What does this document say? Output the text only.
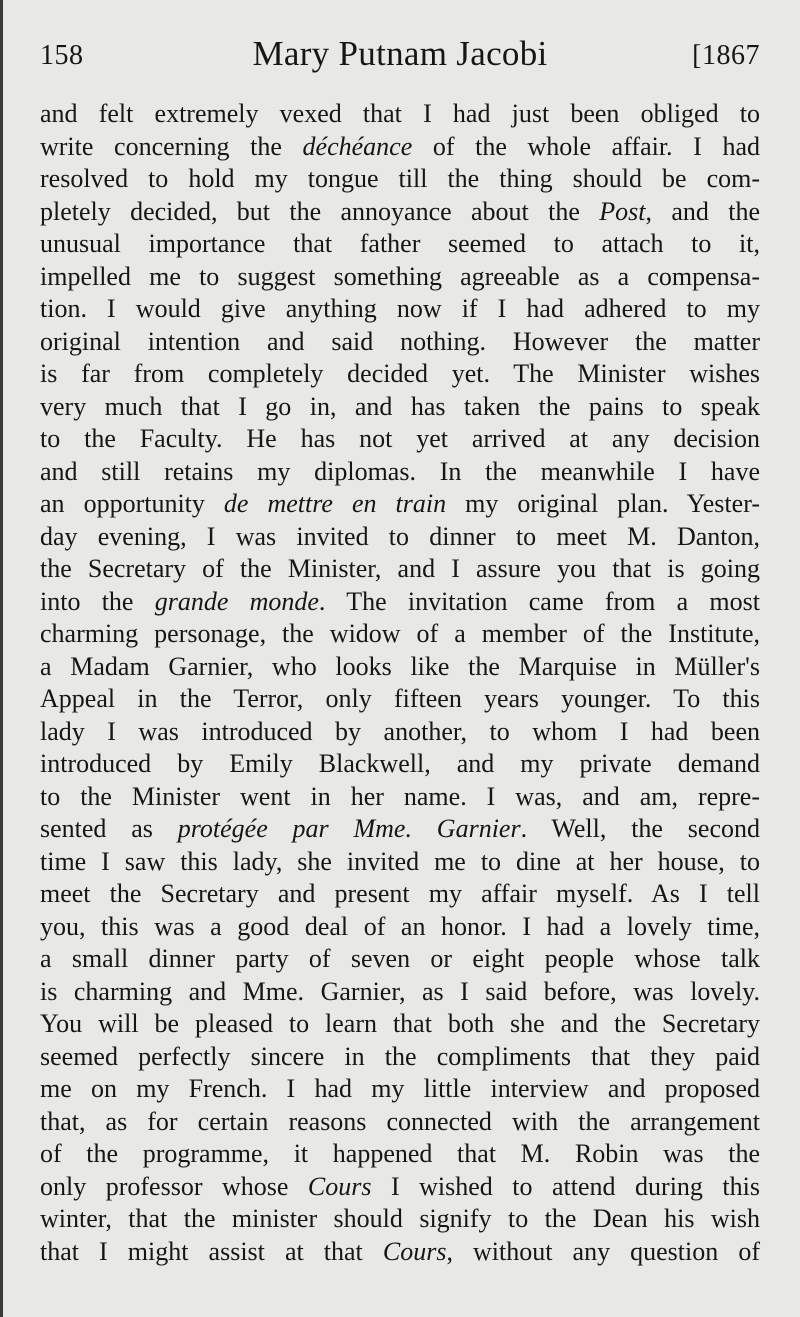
158	Mary Putnam Jacobi	[1867
and felt extremely vexed that I had just been obliged to
write concerning the déchéance of the whole affair. I had
resolved to hold my tongue till the thing should be com-
pletely decided, but the annoyance about the Post, and the
unusual importance that father seemed to attach to it,
impelled me to suggest something agreeable as a compensa-
tion. I would give anything now if I had adhered to my
original intention and said nothing. However the matter
is far from completely decided yet. The Minister wishes
very much that I go in, and has taken the pains to speak
to the Faculty. He has not yet arrived at any decision
and still retains my diplomas. In the meanwhile I have
an opportunity de mettre en train my original plan. Yester-
day evening, I was invited to dinner to meet M. Danton,
the Secretary of the Minister, and I assure you that is going
into the grande monde. The invitation came from a most
charming personage, the widow of a member of the Institute,
a Madam Garnier, who looks like the Marquise in Müller's
Appeal in the Terror, only fifteen years younger. To this
lady I was introduced by another, to whom I had been
introduced by Emily Blackwell, and my private demand
to the Minister went in her name. I was, and am, repre-
sented as protégée par Mme. Garnier. Well, the second
time I saw this lady, she invited me to dine at her house, to
meet the Secretary and present my affair myself. As I tell
you, this was a good deal of an honor. I had a lovely time,
a small dinner party of seven or eight people whose talk
is charming and Mme. Garnier, as I said before, was lovely.
You will be pleased to learn that both she and the Secretary
seemed perfectly sincere in the compliments that they paid
me on my French. I had my little interview and proposed
that, as for certain reasons connected with the arrangement
of the programme, it happened that M. Robin was the
only professor whose Cours I wished to attend during this
winter, that the minister should signify to the Dean his wish
that I might assist at that Cours, without any question of
